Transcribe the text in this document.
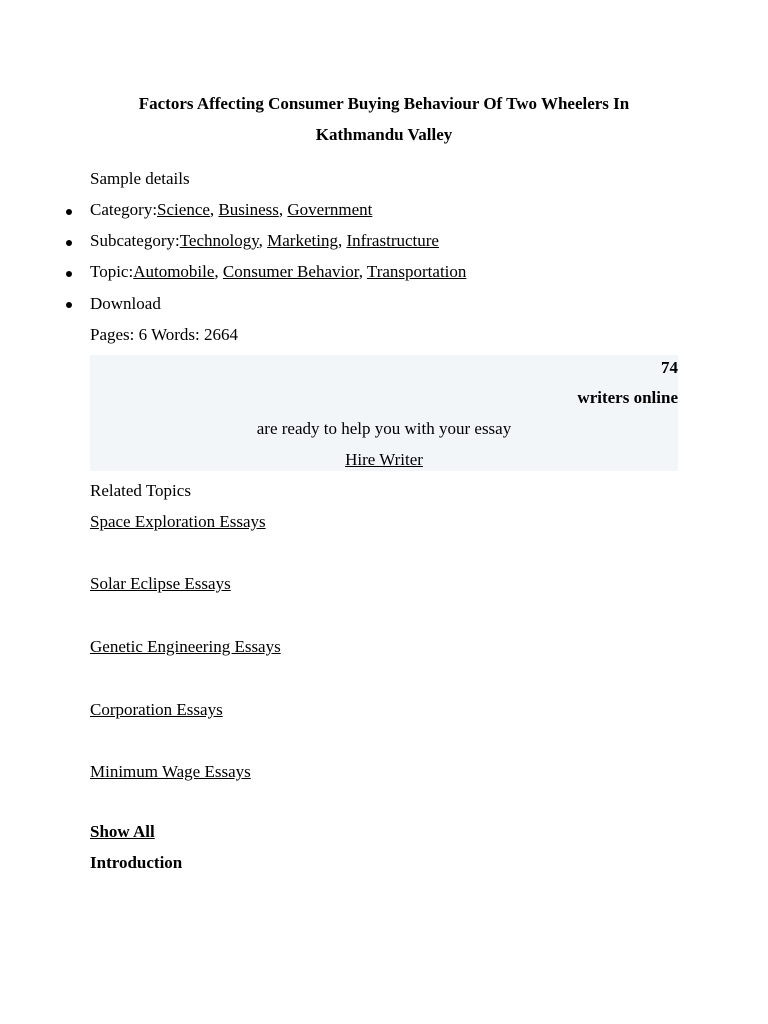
Factors Affecting Consumer Buying Behaviour Of Two Wheelers In
Kathmandu Valley
Sample details
Category:Science, Business, Government
Subcategory:Technology, Marketing, Infrastructure
Topic:Automobile, Consumer Behavior, Transportation
Download
Pages: 6 Words: 2664
74
writers online
are ready to help you with your essay
Hire Writer
Related Topics
Space Exploration Essays
Solar Eclipse Essays
Genetic Engineering Essays
Corporation Essays
Minimum Wage Essays
Show All
Introduction
